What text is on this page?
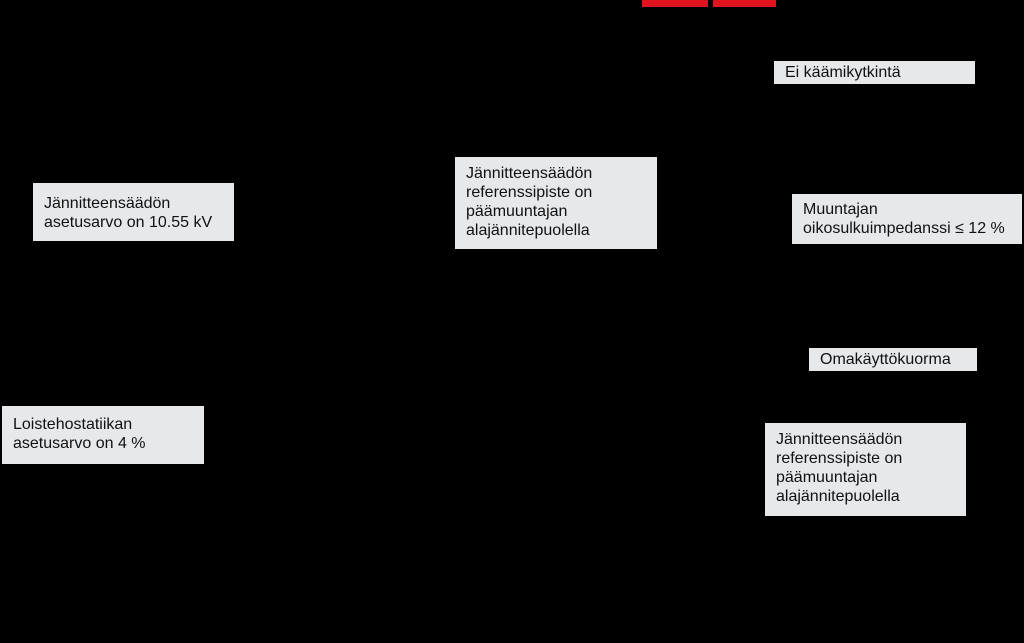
Ei käämikytkintä
Jännitteensäädön
referenssipiste on
päämuuntajan
alajännitepuolella
Jännitteensäädön
asetusarvo on 10.55 kV
Muuntajan
oikosulkuimpedanssi ≤ 12 %
Omakäyttökuorma
Loistehostatiikan
asetusarvo on 4 %	Jännitteensäädön
referenssipiste on
päämuuntajan
alajännitepuolella
